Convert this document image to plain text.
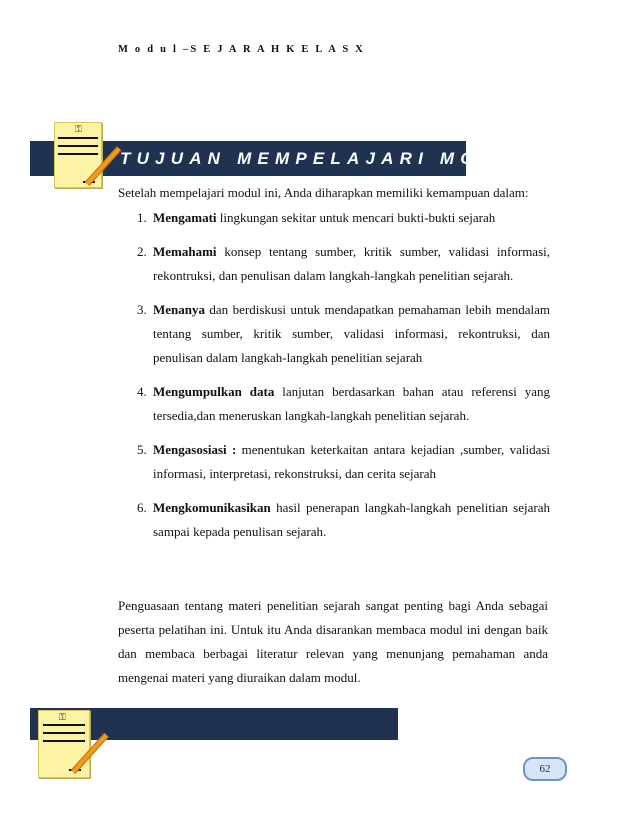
M o d u l –S E J A R A H K E L A S X
TUJUAN MEMPELAJARI MODUL
⚿
Setelah mempelajari modul ini, Anda diharapkan memiliki kemampuan dalam:
1. Mengamati lingkungan sekitar untuk mencari bukti-bukti sejarah
2. Memahami konsep tentang sumber, kritik sumber, validasi informasi, rekontruksi, dan penulisan dalam langkah-langkah penelitian sejarah.
3. Menanya dan berdiskusi untuk mendapatkan pemahaman lebih mendalam tentang sumber, kritik sumber, validasi informasi, rekontruksi, dan penulisan dalam langkah-langkah penelitian sejarah
4. Mengumpulkan data lanjutan berdasarkan bahan atau referensi yang tersedia,dan meneruskan langkah-langkah penelitian sejarah.
5. Mengasosiasi : menentukan keterkaitan antara kejadian ,sumber, validasi informasi, interpretasi, rekonstruksi, dan cerita sejarah
6. Mengkomunikasikan hasil penerapan langkah-langkah penelitian sejarah sampai kepada penulisan sejarah.
Penguasaan tentang materi penelitian sejarah sangat penting bagi Anda sebagai peserta pelatihan ini. Untuk itu Anda disarankan membaca modul ini dengan baik dan membaca berbagai literatur relevan yang menunjang pemahaman anda mengenai materi yang diuraikan dalam modul.
⚿
62
